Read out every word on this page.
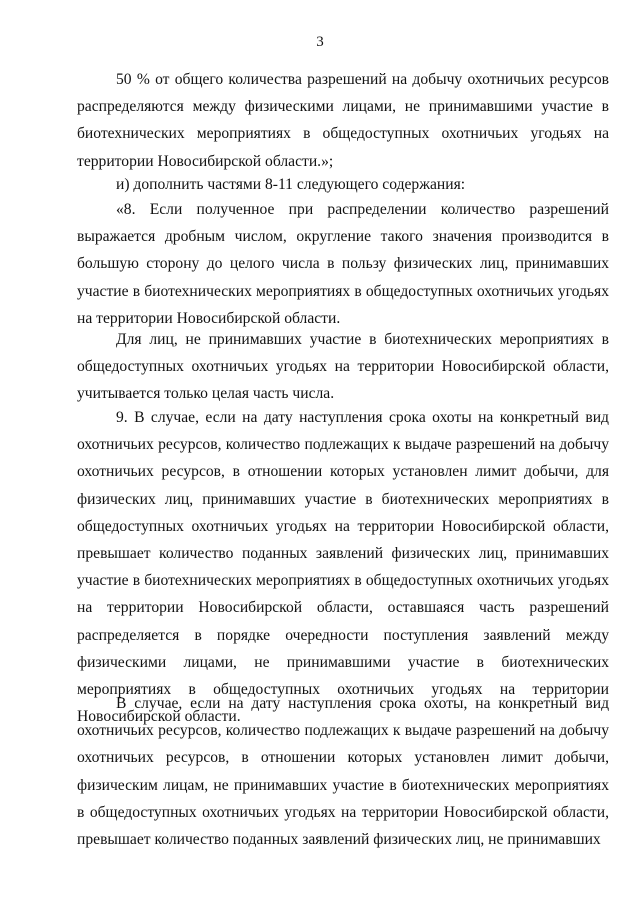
3

50 % от общего количества разрешений на добычу охотничьих ресурсов распределяются между физическими лицами, не принимавшими участие в биотехнических мероприятиях в общедоступных охотничьих угодьях на территории Новосибирской области.»;

и) дополнить частями 8-11 следующего содержания:

«8. Если полученное при распределении количество разрешений выражается дробным числом, округление такого значения производится в большую сторону до целого числа в пользу физических лиц, принимавших участие в биотехнических мероприятиях в общедоступных охотничьих угодьях на территории Новосибирской области.

Для лиц, не принимавших участие в биотехнических мероприятиях в общедоступных охотничьих угодьях на территории Новосибирской области, учитывается только целая часть числа.

9. В случае, если на дату наступления срока охоты на конкретный вид охотничьих ресурсов, количество подлежащих к выдаче разрешений на добычу охотничьих ресурсов, в отношении которых установлен лимит добычи, для физических лиц, принимавших участие в биотехнических мероприятиях в общедоступных охотничьих угодьях на территории Новосибирской области, превышает количество поданных заявлений физических лиц, принимавших участие в биотехнических мероприятиях в общедоступных охотничьих угодьях на территории Новосибирской области, оставшаяся часть разрешений распределяется в порядке очередности поступления заявлений между физическими лицами, не принимавшими участие в биотехнических мероприятиях в общедоступных охотничьих угодьях на территории Новосибирской области.

В случае, если на дату наступления срока охоты, на конкретный вид охотничьих ресурсов, количество подлежащих к выдаче разрешений на добычу охотничьих ресурсов, в отношении которых установлен лимит добычи, физическим лицам, не принимавших участие в биотехнических мероприятиях в общедоступных охотничьих угодьях на территории Новосибирской области, превышает количество поданных заявлений физических лиц, не принимавших
